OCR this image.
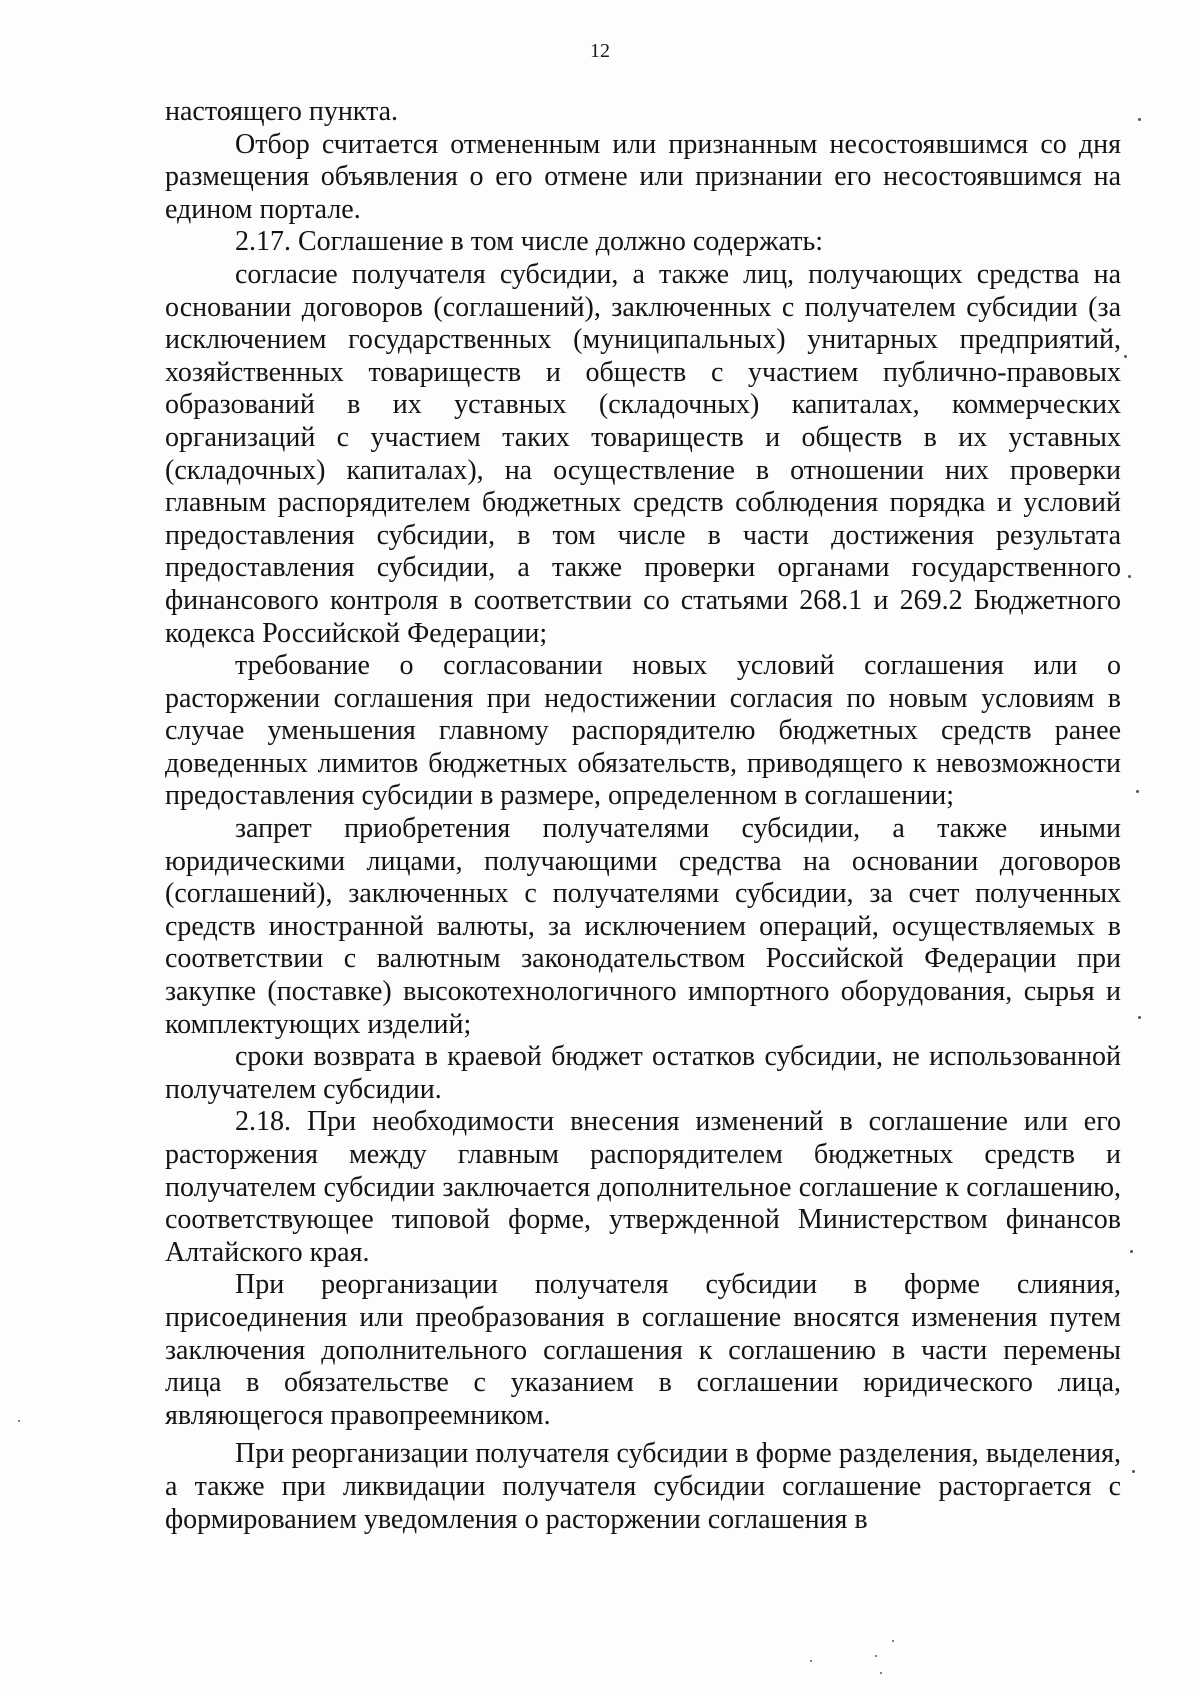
12

настоящего пункта.

Отбор считается отмененным или признанным несостоявшимся со дня размещения объявления о его отмене или признании его несостоявшимся на едином портале.

2.17. Соглашение в том числе должно содержать:

согласие получателя субсидии, а также лиц, получающих средства на основании договоров (соглашений), заключенных с получателем субсидии (за исключением государственных (муниципальных) унитарных предприятий, хозяйственных товариществ и обществ с участием публично-правовых образований в их уставных (складочных) капиталах, коммерческих организаций с участием таких товариществ и обществ в их уставных (складочных) капиталах), на осуществление в отношении них проверки главным распорядителем бюджетных средств соблюдения порядка и условий предоставления субсидии, в том числе в части достижения результата предоставления субсидии, а также проверки органами государственного финансового контроля в соответствии со статьями 268.1 и 269.2 Бюджетного кодекса Российской Федерации;

требование о согласовании новых условий соглашения или о расторжении соглашения при недостижении согласия по новым условиям в случае уменьшения главному распорядителю бюджетных средств ранее доведенных лимитов бюджетных обязательств, приводящего к невозможности предоставления субсидии в размере, определенном в соглашении;

запрет приобретения получателями субсидии, а также иными юридическими лицами, получающими средства на основании договоров (соглашений), заключенных с получателями субсидии, за счет полученных средств иностранной валюты, за исключением операций, осуществляемых в соответствии с валютным законодательством Российской Федерации при закупке (поставке) высокотехнологичного импортного оборудования, сырья и комплектующих изделий;

сроки возврата в краевой бюджет остатков субсидии, не использованной получателем субсидии.

2.18. При необходимости внесения изменений в соглашение или его расторжения между главным распорядителем бюджетных средств и получателем субсидии заключается дополнительное соглашение к соглашению, соответствующее типовой форме, утвержденной Министерством финансов Алтайского края.

При реорганизации получателя субсидии в форме слияния, присоединения или преобразования в соглашение вносятся изменения путем заключения дополнительного соглашения к соглашению в части перемены лица в обязательстве с указанием в соглашении юридического лица, являющегося правопреемником.

При реорганизации получателя субсидии в форме разделения, выделения, а также при ликвидации получателя субсидии соглашение расторгается с формированием уведомления о расторжении соглашения в
